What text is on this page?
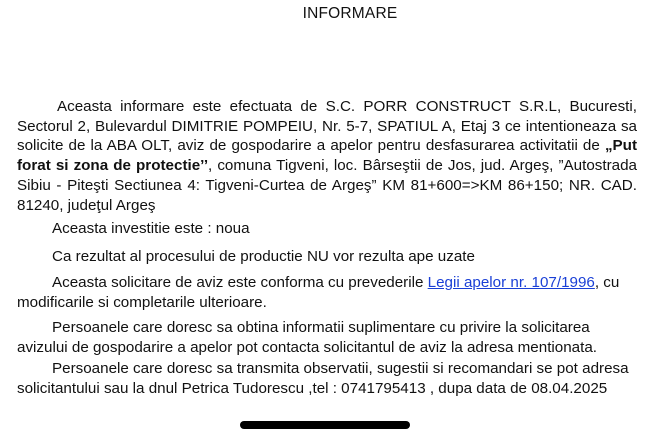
INFORMARE

Aceasta informare este efectuata de S.C. PORR CONSTRUCT S.R.L, Bucuresti, Sectorul 2, Bulevardul DIMITRIE POMPEIU, Nr. 5-7, SPATIUL A, Etaj 3 ce intentioneaza sa solicite de la ABA OLT, aviz de gospodarire a apelor pentru desfasurarea activitatii de „Put forat si zona de protectie’’, comuna Tigveni, loc. Bârseştii de Jos, jud. Argeş, ”Autostrada Sibiu - Piteşti Sectiunea 4: Tigveni-Curtea de Argeş” KM 81+600=>KM 86+150; NR. CAD. 81240, judeţul Argeş

Aceasta investitie este : noua

Ca rezultat al procesului de productie NU vor rezulta ape uzate

Aceasta solicitare de aviz este conforma cu prevederile Legii apelor nr. 107/1996, cu modificarile si completarile ulterioare.

Persoanele care doresc sa obtina informatii suplimentare cu privire la solicitarea avizului de gospodarire a apelor pot contacta solicitantul de aviz la adresa mentionata.

Persoanele care doresc sa transmita observatii, sugestii si recomandari se pot adresa solicitantului sau la dnul Petrica Tudorescu ,tel : 0741795413 , dupa data de 08.04.2025
